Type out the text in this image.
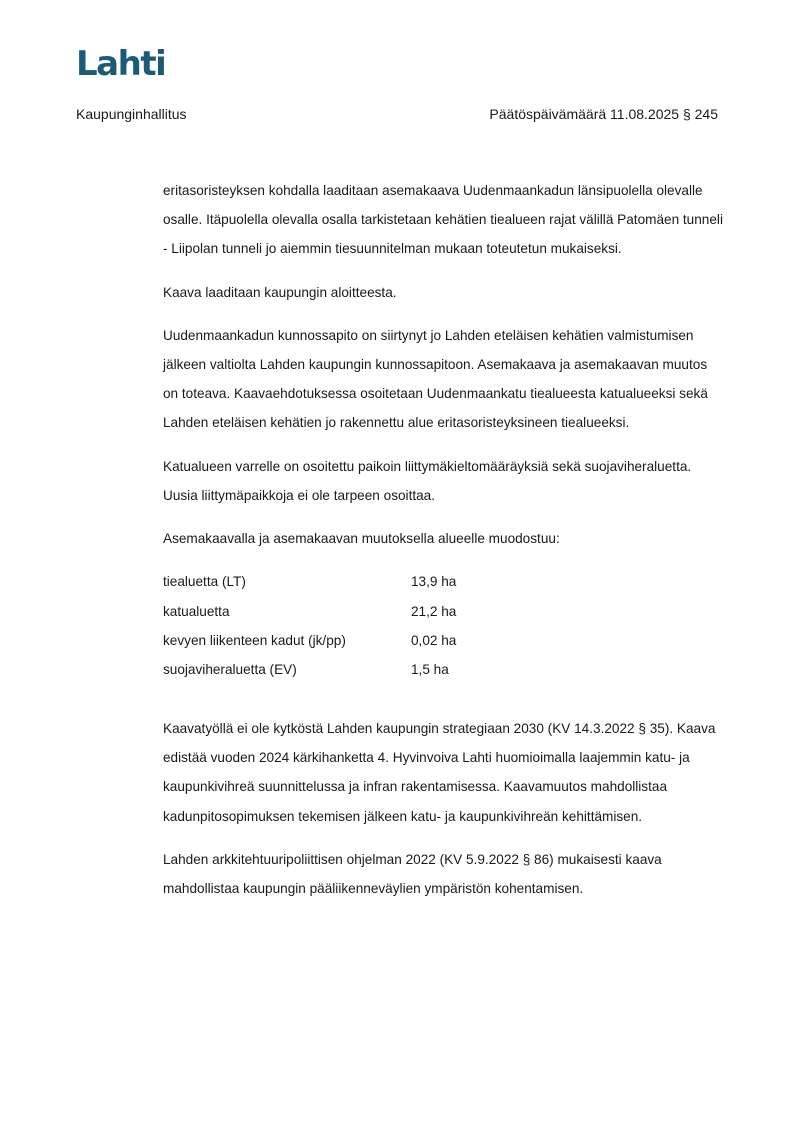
Lahti
Kaupunginhallitus	Päätöspäivämäärä 11.08.2025 § 245

eritasoristeyksen kohdalla laaditaan asemakaava Uudenmaankadun länsipuolella olevalle osalle. Itäpuolella olevalla osalla tarkistetaan kehätien tiealueen rajat välillä Patomäen tunneli - Liipolan tunneli jo aiemmin tiesuunnitelman mukaan toteutetun mukaiseksi.

Kaava laaditaan kaupungin aloitteesta.

Uudenmaankadun kunnossapito on siirtynyt jo Lahden eteläisen kehätien valmistumisen jälkeen valtiolta Lahden kaupungin kunnossapitoon. Asemakaava ja asemakaavan muutos on toteava. Kaavaehdotuksessa osoitetaan Uudenmaankatu tiealueesta katualueeksi sekä Lahden eteläisen kehätien jo rakennettu alue eritasoristeyksineen tiealueeksi.

Katualueen varrelle on osoitettu paikoin liittymäkieltomääräyksiä sekä suojaviheraluetta. Uusia liittymäpaikkoja ei ole tarpeen osoittaa.

Asemakaavalla ja asemakaavan muutoksella alueelle muodostuu:

tiealuetta (LT)	13,9 ha
katualuetta	21,2 ha
kevyen liikenteen kadut (jk/pp)	0,02 ha
suojaviheraluetta (EV)	1,5 ha

Kaavatyöllä ei ole kytköstä Lahden kaupungin strategiaan 2030 (KV 14.3.2022 § 35). Kaava edistää vuoden 2024 kärkihanketta 4. Hyvinvoiva Lahti huomioimalla laajemmin katu- ja kaupunkivihreä suunnittelussa ja infran rakentamisessa. Kaavamuutos mahdollistaa kadunpitosopimuksen tekemisen jälkeen katu- ja kaupunkivihreän kehittämisen.

Lahden arkkitehtuuripoliittisen ohjelman 2022 (KV 5.9.2022 § 86) mukaisesti kaava mahdollistaa kaupungin pääliikenneväylien ympäristön kohentamisen.
